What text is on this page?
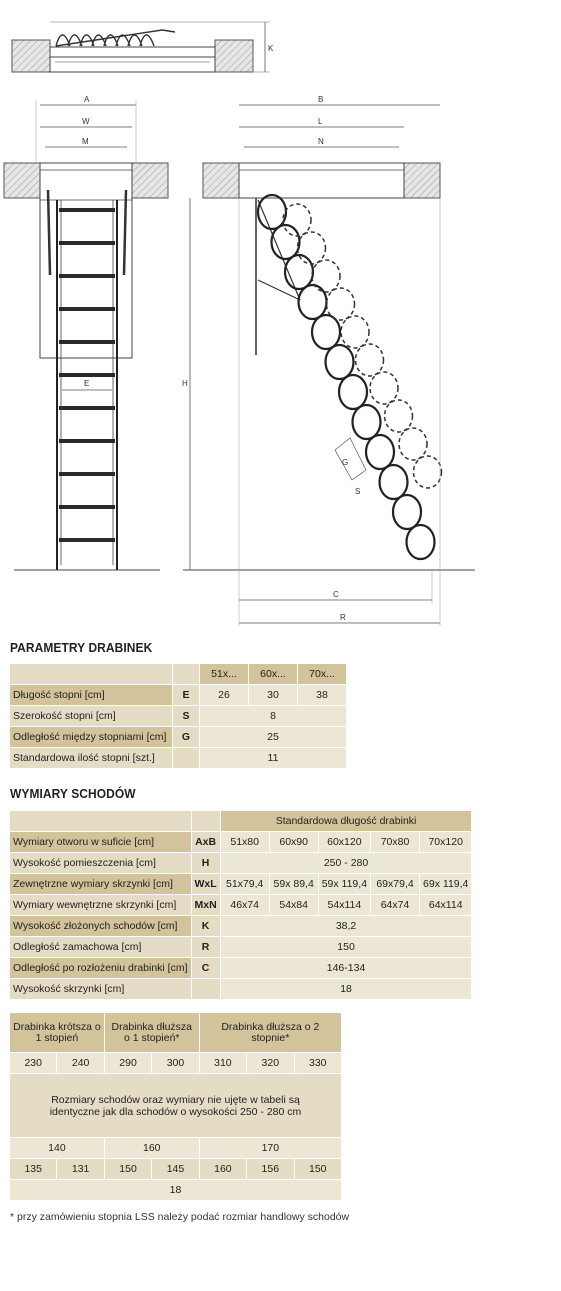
K
A
W
M
E
B
L
N
H
C
R
G
S
PARAMETRY DRABINEK
		51x...	60x...	70x...
Długość stopni [cm]	E	26	30	38
Szerokość stopni [cm]	S	8		
Odległość między stopniami [cm]	G	25		
Standardowa ilość stopni [szt.]		11		
WYMIARY SCHODÓW
		Standardowa długość drabinki				
Wymiary otworu w suficie [cm]	AxB	51x80	60x90	60x120	70x80	70x120
Wysokość pomieszczenia [cm]	H	250 - 280				
Zewnętrzne wymiary skrzynki [cm]	WxL	51x79,4	59x 89,4	59x 119,4	69x79,4	69x 119,4
Wymiary wewnętrzne skrzynki [cm]	MxN	46x74	54x84	54x114	64x74	64x114
Wysokość złożonych schodów [cm]	K	38,2				
Odległość zamachowa [cm]	R	150				
Odległość po rozłożeniu drabinki [cm]	C	146-134				
Wysokość skrzynki [cm]		18				
Drabinka krótsza o 1 stopień		Drabinka dłuższa o 1 stopień*		Drabinka dłuższa o 2 stopnie*		
230	240	290	300	310	320	330
Rozmiary schodów oraz wymiary nie ujęte w tabeli są identyczne jak dla schodów o wysokości 250 - 280 cm						
140		160		170		
135	131	150	145	160	156	150
18						
* przy zamówieniu stopnia LSS należy podać rozmiar handlowy schodów
